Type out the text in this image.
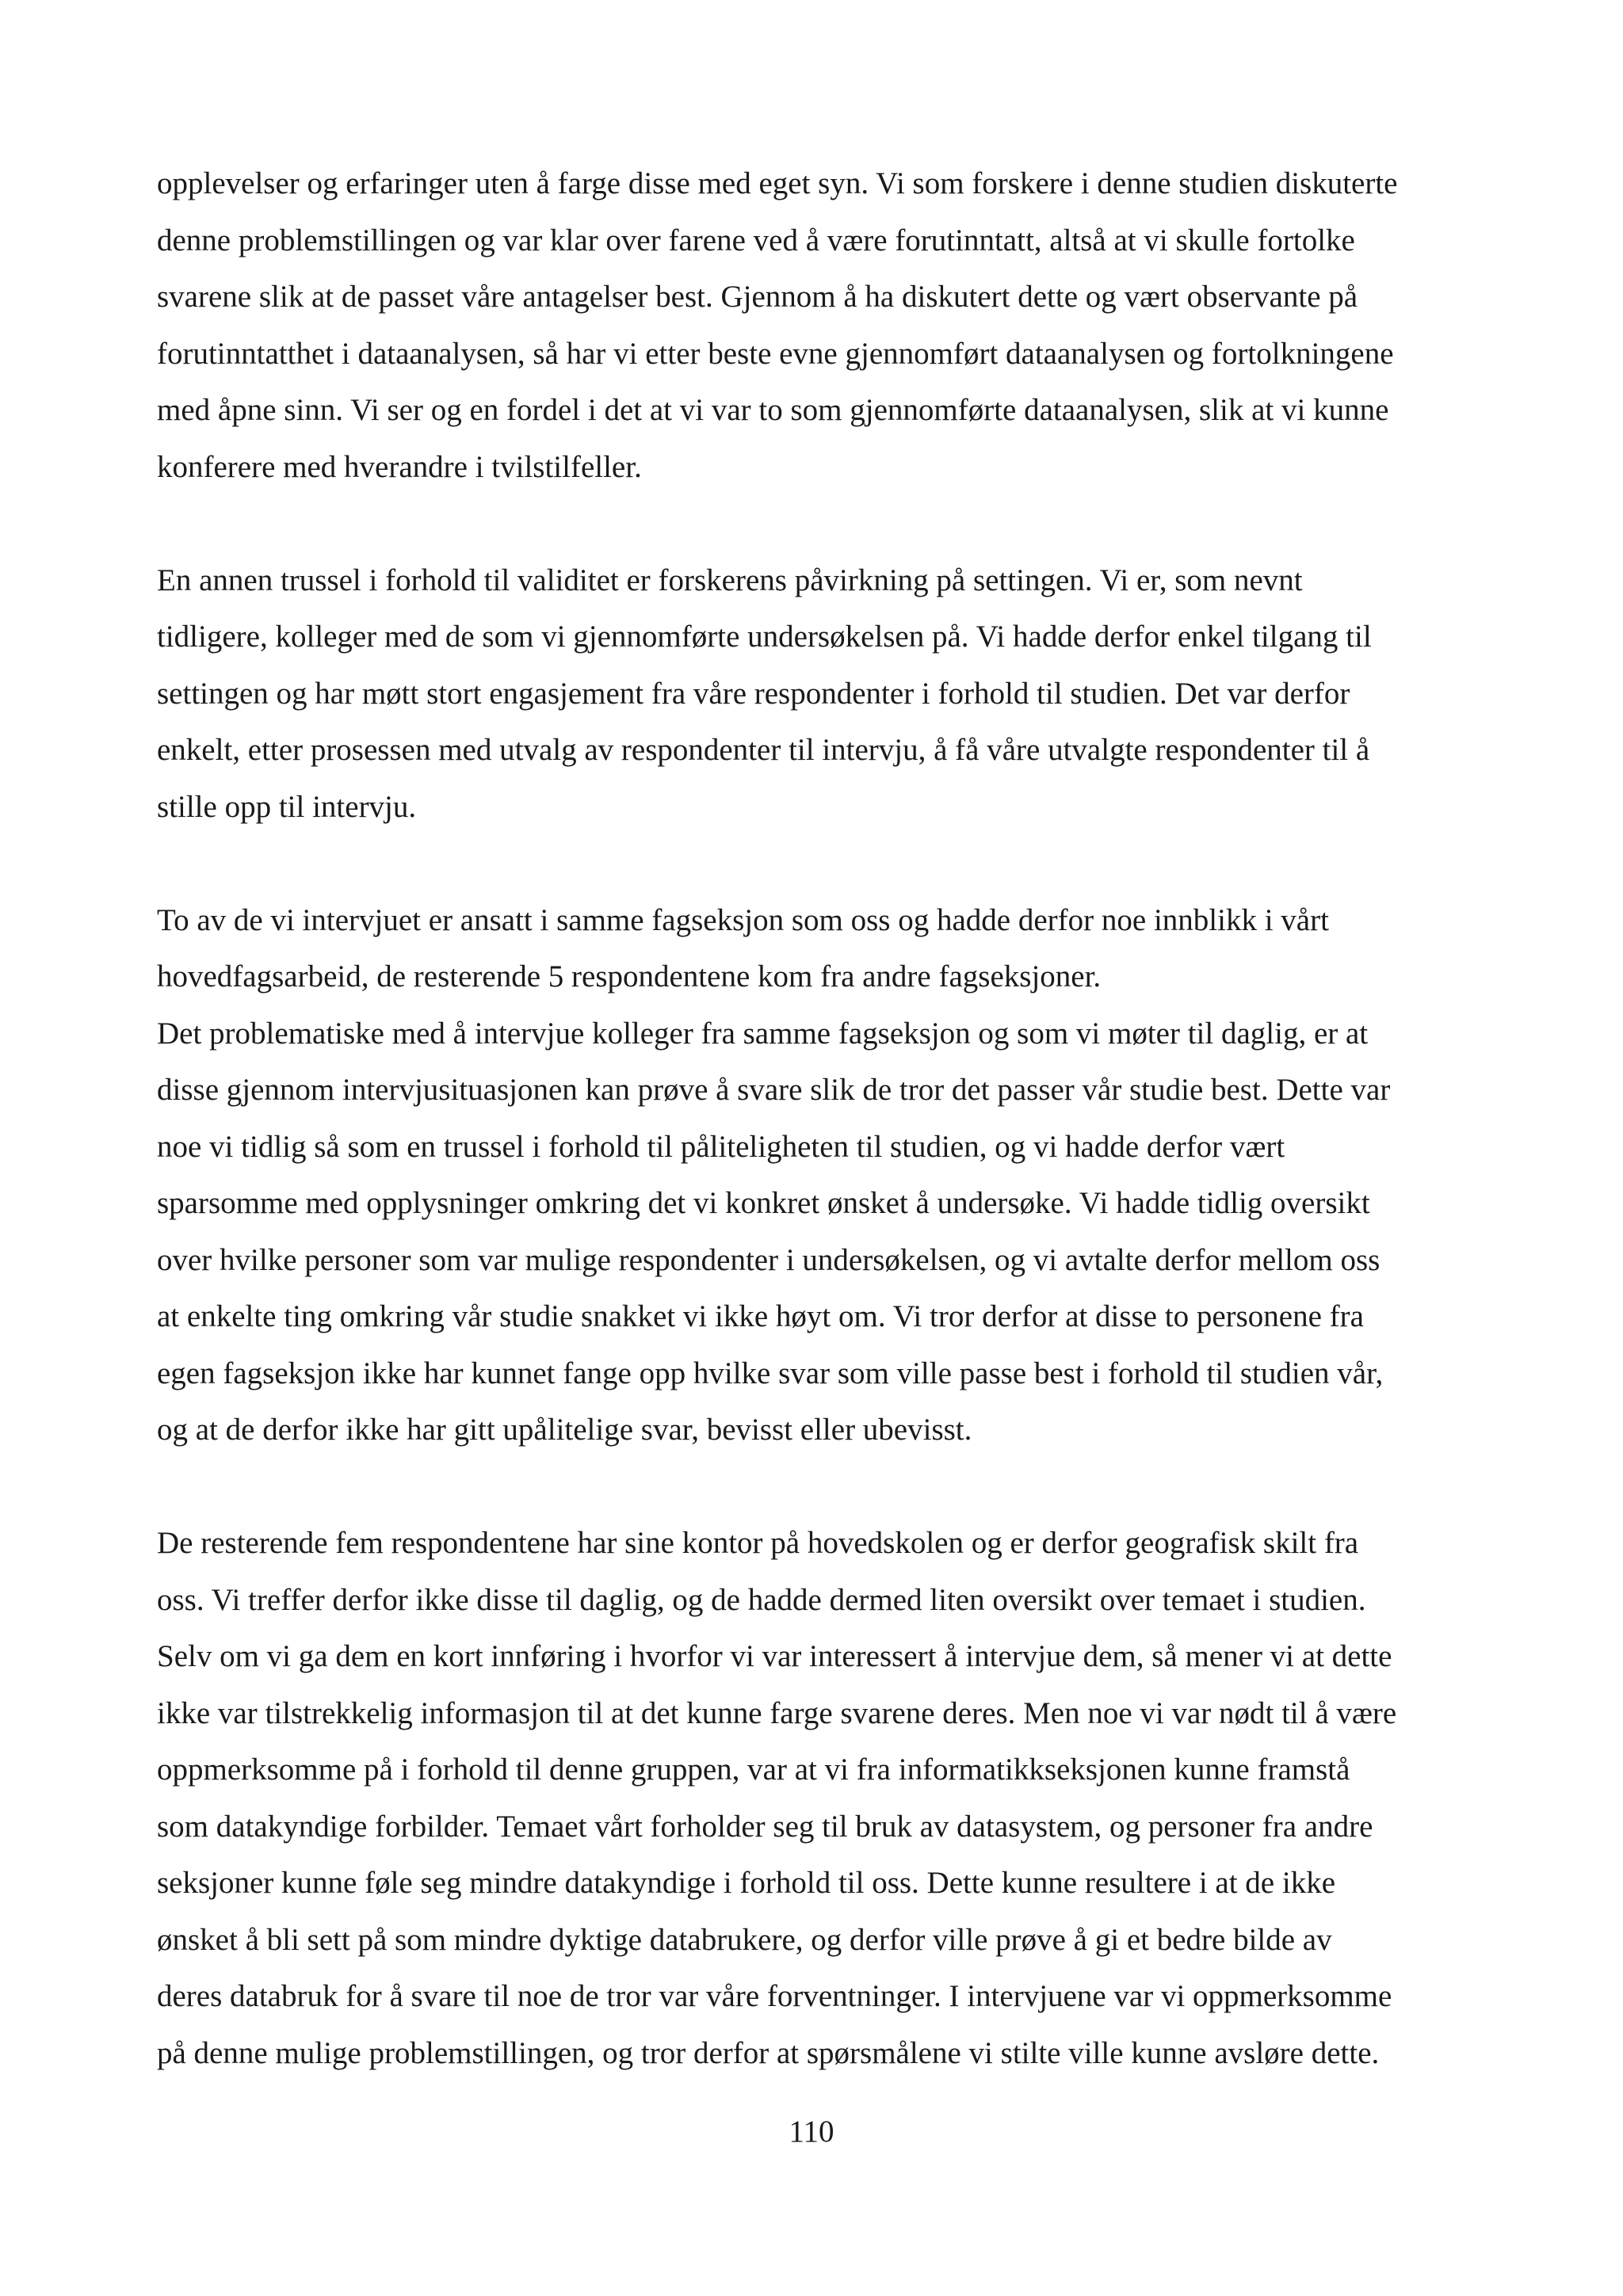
opplevelser og erfaringer uten å farge disse med eget syn. Vi som forskere i denne studien diskuterte
denne problemstillingen og var klar over farene ved å være forutinntatt, altså at vi skulle fortolke
svarene slik at de passet våre antagelser best. Gjennom å ha diskutert dette og vært observante på
forutinntatthet i dataanalysen, så har vi etter beste evne gjennomført dataanalysen og fortolkningene
med åpne sinn. Vi ser og en fordel i det at vi var to som gjennomførte dataanalysen, slik at vi kunne
konferere med hverandre i tvilstilfeller.

En annen trussel i forhold til validitet er forskerens påvirkning på settingen. Vi er, som nevnt
tidligere, kolleger med de som vi gjennomførte undersøkelsen på. Vi hadde derfor enkel tilgang til
settingen og har møtt stort engasjement fra våre respondenter i forhold til studien. Det var derfor
enkelt, etter prosessen med utvalg av respondenter til intervju, å få våre utvalgte respondenter til å
stille opp til intervju.

To av de vi intervjuet er ansatt i samme fagseksjon som oss og hadde derfor noe innblikk i vårt
hovedfagsarbeid, de resterende 5 respondentene kom fra andre fagseksjoner.

Det problematiske med å intervjue kolleger fra samme fagseksjon og som vi møter til daglig, er at
disse gjennom intervjusituasjonen kan prøve å svare slik de tror det passer vår studie best. Dette var
noe vi tidlig så som en trussel i forhold til påliteligheten til studien, og vi hadde derfor vært
sparsomme med opplysninger omkring det vi konkret ønsket å undersøke. Vi hadde tidlig oversikt
over hvilke personer som var mulige respondenter i undersøkelsen, og vi avtalte derfor mellom oss
at enkelte ting omkring vår studie snakket vi ikke høyt om. Vi tror derfor at disse to personene fra
egen fagseksjon ikke har kunnet fange opp hvilke svar som ville passe best i forhold til studien vår,
og at de derfor ikke har gitt upålitelige svar, bevisst eller ubevisst.

De resterende fem respondentene har sine kontor på hovedskolen og er derfor geografisk skilt fra
oss. Vi treffer derfor ikke disse til daglig, og de hadde dermed liten oversikt over temaet i studien.
Selv om vi ga dem en kort innføring i hvorfor vi var interessert å intervjue dem, så mener vi at dette
ikke var tilstrekkelig informasjon til at det kunne farge svarene deres. Men noe vi var nødt til å være
oppmerksomme på i forhold til denne gruppen, var at vi fra informatikkseksjonen kunne framstå
som datakyndige forbilder. Temaet vårt forholder seg til bruk av datasystem, og personer fra andre
seksjoner kunne føle seg mindre datakyndige i forhold til oss. Dette kunne resultere i at de ikke
ønsket å bli sett på som mindre dyktige databrukere, og derfor ville prøve å gi et bedre bilde av
deres databruk for å svare til noe de tror var våre forventninger. I intervjuene var vi oppmerksomme
på denne mulige problemstillingen, og tror derfor at spørsmålene vi stilte ville kunne avsløre dette.

110
